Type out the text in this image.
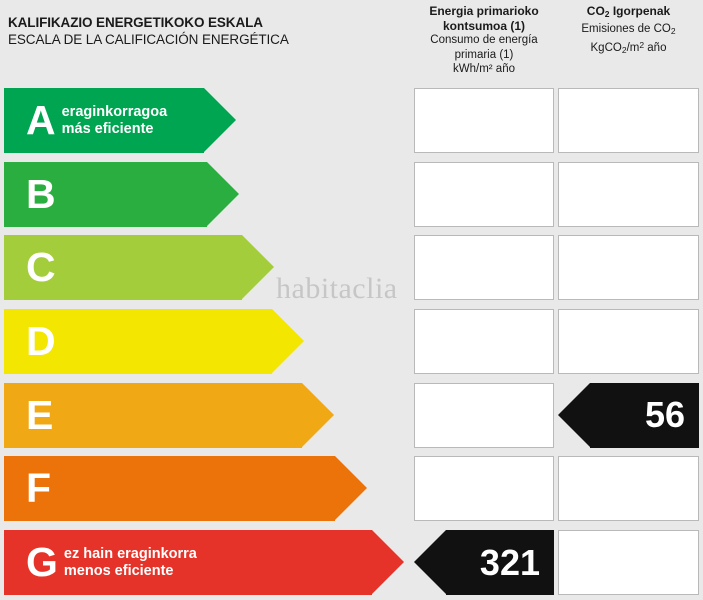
KALIFIKAZIO ENERGETIKOKO ESKALA
ESCALA DE LA CALIFICACIÓN ENERGÉTICA
Energia primarioko kontsumoa (1)
Consumo de energía primaria (1)
kWh/m² año
$CO_2$ Igorpenak
Emisiones de $CO_2$
$KgCO_2/m^2$ año
A eraginkorragoa
más eficiente
B
C
D
E	56
F
G ez hain eraginkorra
menos eficiente	321
habitaclia
